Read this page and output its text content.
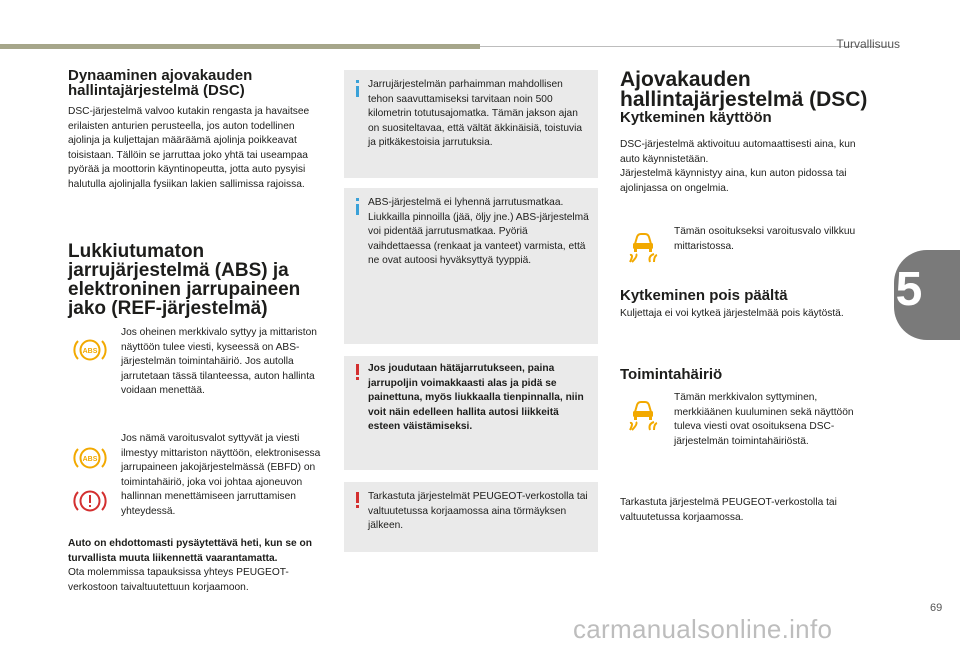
Turvallisuus
5
Dynaaminen ajovakauden hallintajärjestelmä (DSC)

DSC-järjestelmä valvoo kutakin rengasta ja havaitsee erilaisten anturien perusteella, jos auton todellinen ajolinja ja kuljettajan määräämä ajolinja poikkeavat toisistaan. Tällöin se jarruttaa joko yhtä tai useampaa pyörää ja moottorin käyntinopeutta, jotta auto pysyisi halutulla ajolinjalla fysiikan lakien sallimissa rajoissa.

Lukkiutumaton jarrujärjestelmä (ABS) ja elektroninen jarrupaineen jako (REF-järjestelmä)
ABS

Jos oheinen merkkivalo syttyy ja mittariston näyttöön tulee viesti, kyseessä on ABS-järjestelmän toimintahäiriö. Jos autolla jarrutetaan tässä tilanteessa, auton hallinta voidaan menettää.

ABS

Jos nämä varoitusvalot syttyvät ja viesti ilmestyy mittariston näyttöön, elektronisessa jarrupaineen jakojärjestelmässä (EBFD) on toimintahäiriö, joka voi johtaa ajoneuvon hallinnan menettämiseen jarruttamisen yhteydessä.

Auto on ehdottomasti pysäytettävä heti, kun se on turvallista muuta liikennettä vaarantamatta.

Ota molemmissa tapauksissa yhteys PEUGEOT-verkostoon taivaltuutettuun korjaamoon.

Jarrujärjestelmän parhaimman mahdollisen tehon saavuttamiseksi tarvitaan noin 500 kilometrin totutusajomatka. Tämän jakson ajan on suositeltavaa, että vältät äkkinäisiä, toistuvia ja pitkäkestoisia jarrutuksia.

ABS-järjestelmä ei lyhennä jarrutusmatkaa. Liukkailla pinnoilla (jää, öljy jne.) ABS-järjestelmä voi pidentää jarrutusmatkaa. Pyöriä vaihdettaessa (renkaat ja vanteet) varmista, että ne ovat autoosi hyväksyttyä tyyppiä.

Jos joudutaan hätäjarrutukseen, paina jarrupoljin voimakkaasti alas ja pidä se painettuna, myös liukkaalla tienpinnalla, niin voit näin edelleen hallita autosi liikkeitä esteen väistämiseksi.

Tarkastuta järjestelmät PEUGEOT-verkostolla tai valtuutetussa korjaamossa aina törmäyksen jälkeen.

Ajovakauden hallintajärjestelmä (DSC)
Kytkeminen käyttöön

DSC-järjestelmä aktivoituu automaattisesti aina, kun auto käynnistetään.
Järjestelmä käynnistyy aina, kun auton pidossa tai ajolinjassa on ongelmia.

Tämän osoitukseksi varoitusvalo vilkkuu mittaristossa.

Kytkeminen pois päältä

Kuljettaja ei voi kytkeä järjestelmää pois käytöstä.

Toimintahäiriö

Tämän merkkivalon syttyminen, merkkiäänen kuuluminen sekä näyttöön tuleva viesti ovat osoituksena DSC-järjestelmän toimintahäiriöstä.

Tarkastuta järjestelmä PEUGEOT-verkostolla tai valtuutetussa korjaamossa.

69
carmanualsonline.info
